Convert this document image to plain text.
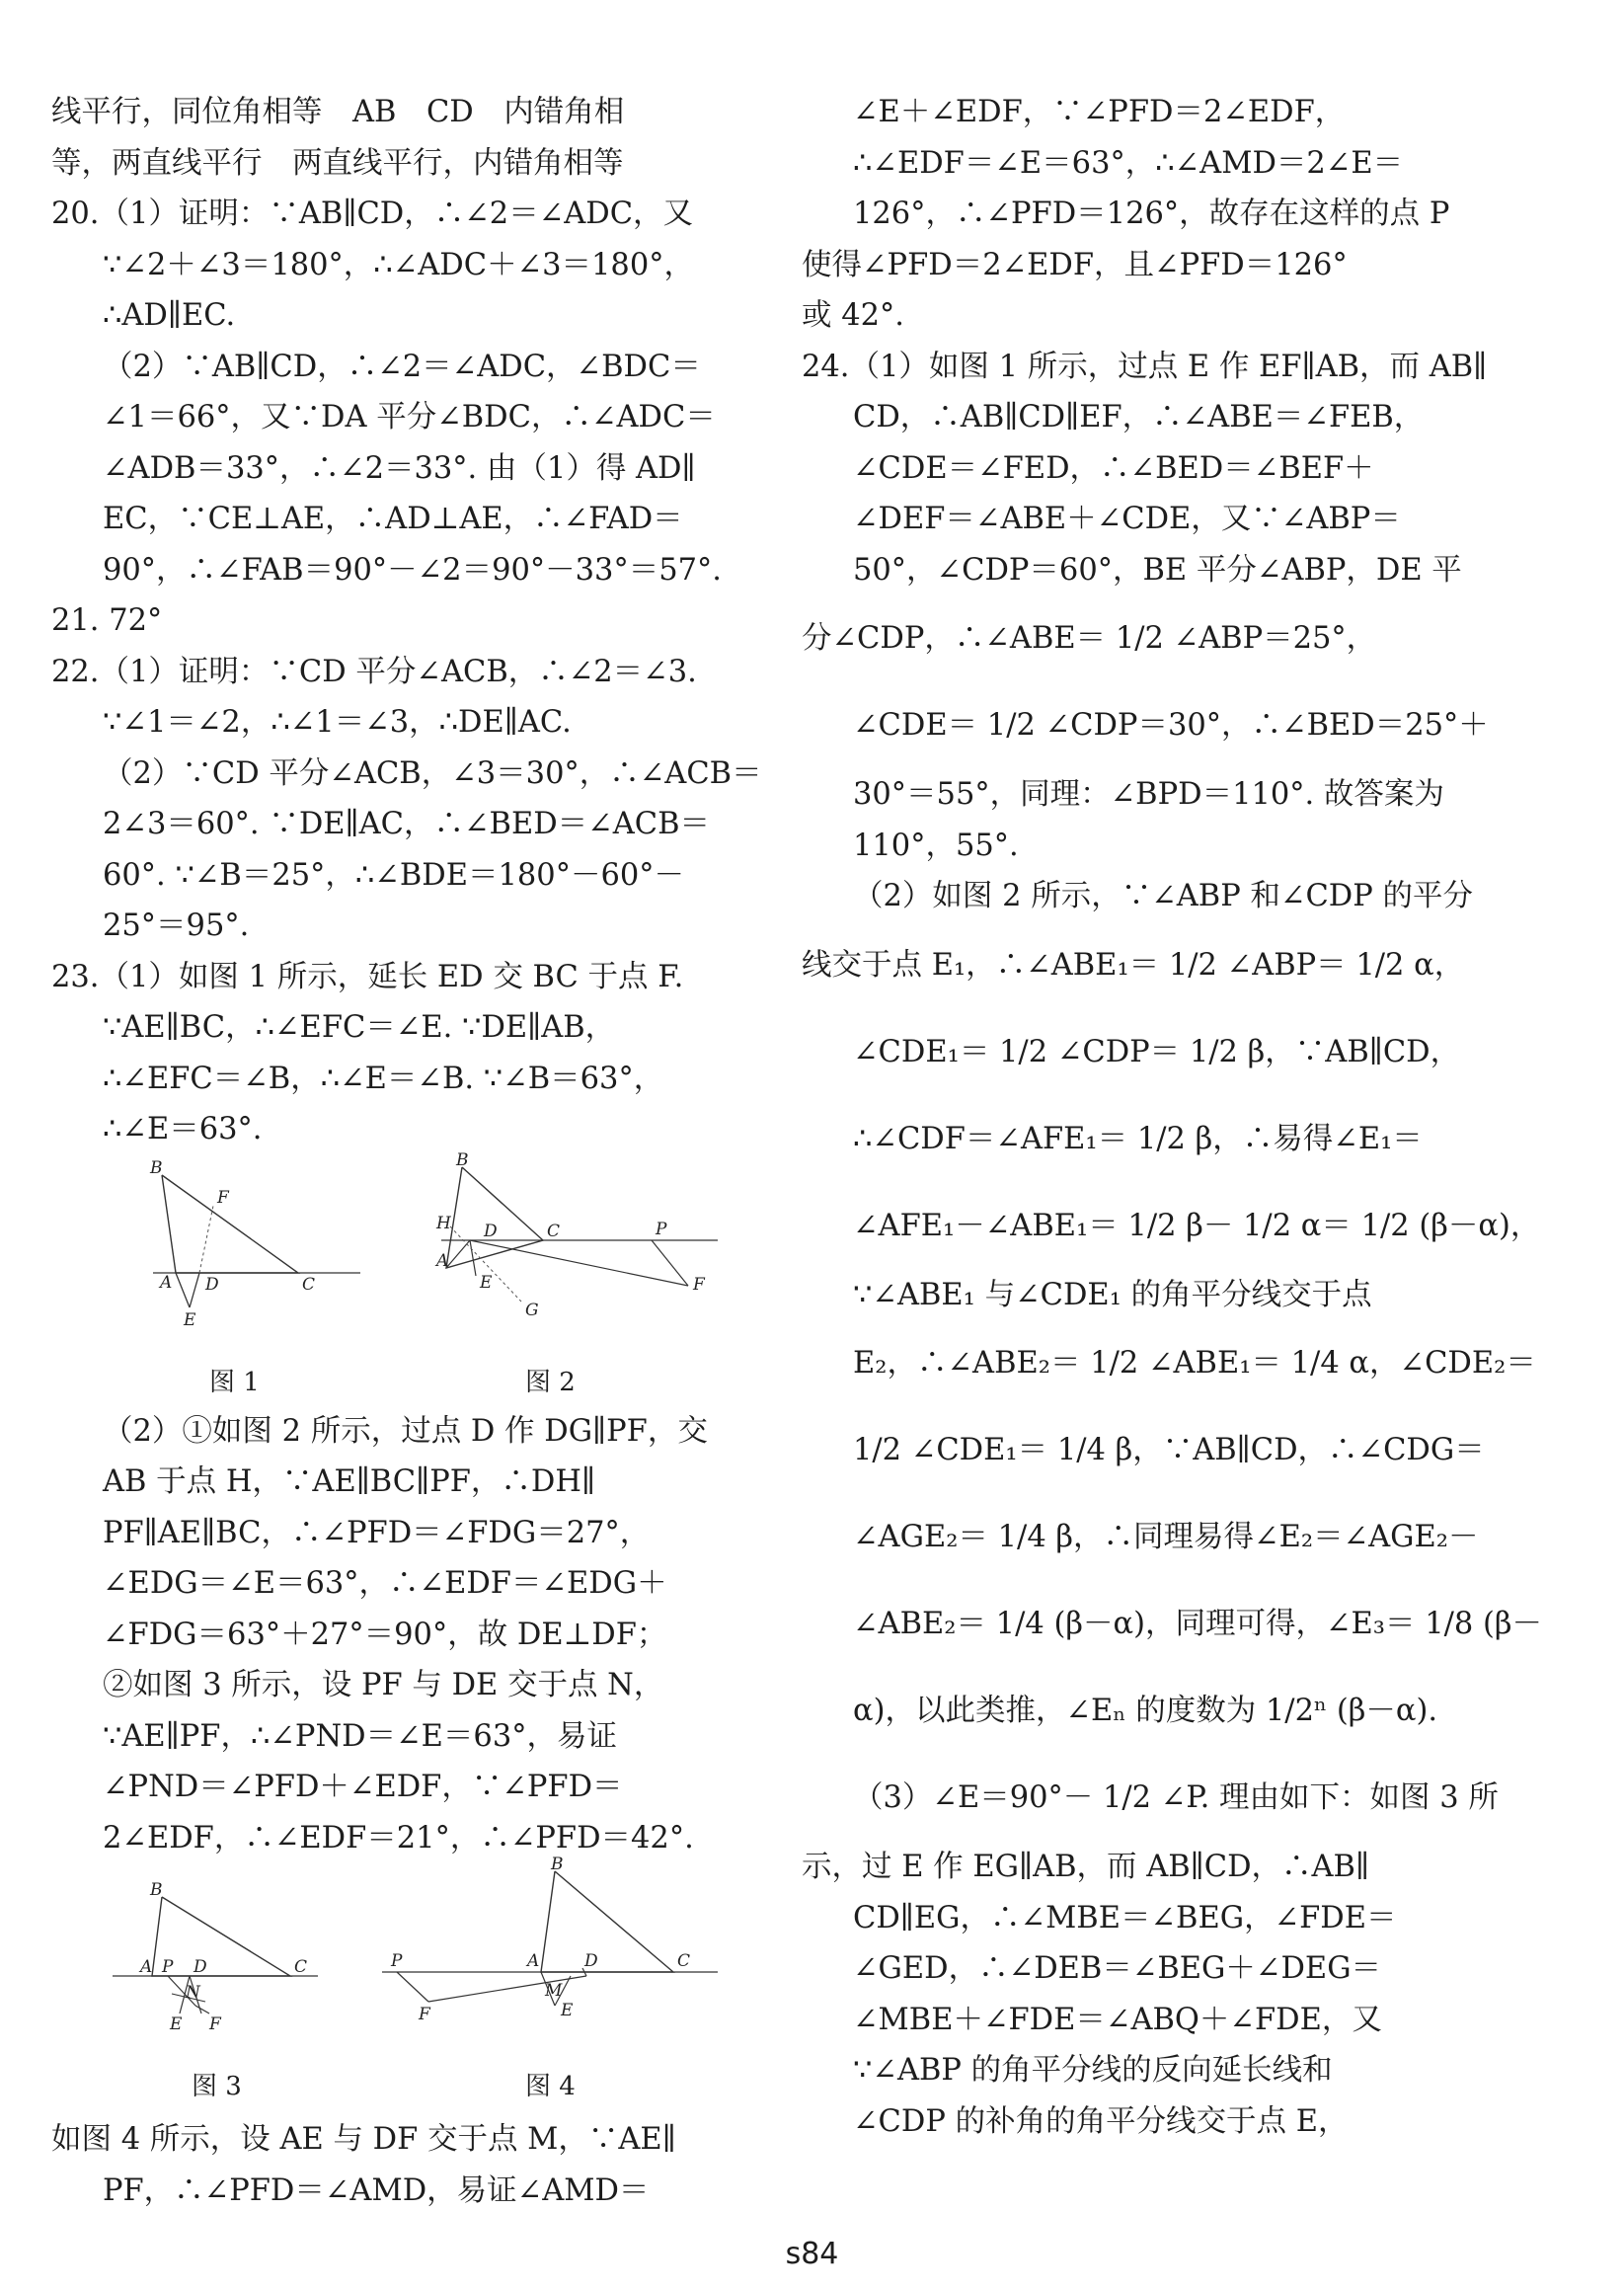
线平行，同位角相等　AB　CD　内错角相
等，两直线平行　两直线平行，内错角相等
20.（1）证明：∵AB∥CD，∴∠2＝∠ADC，又
∵∠2＋∠3＝180°，∴∠ADC＋∠3＝180°，
∴AD∥EC.
（2）∵AB∥CD，∴∠2＝∠ADC，∠BDC＝
∠1＝66°，又∵DA 平分∠BDC，∴∠ADC＝
∠ADB＝33°，∴∠2＝33°. 由（1）得 AD∥
EC，∵CE⊥AE，∴AD⊥AE，∴∠FAD＝
90°，∴∠FAB＝90°－∠2＝90°－33°＝57°.
21. 72°
22.（1）证明：∵CD 平分∠ACB，∴∠2＝∠3.
∵∠1＝∠2，∴∠1＝∠3，∴DE∥AC.
（2）∵CD 平分∠ACB，∠3＝30°，∴∠ACB＝
2∠3＝60°. ∵DE∥AC，∴∠BED＝∠ACB＝
60°. ∵∠B＝25°，∴∠BDE＝180°－60°－
25°＝95°.
23.（1）如图 1 所示，延长 ED 交 BC 于点 F.
∵AE∥BC，∴∠EFC＝∠E. ∵DE∥AB，
∴∠EFC＝∠B，∴∠E＝∠B. ∵∠B＝63°，
∴∠E＝63°.
B
F
A D	C
E
图 1
B
H D	C	P
A
E
G
F
图 2
（2）①如图 2 所示，过点 D 作 DG∥PF，交
AB 于点 H，∵AE∥BC∥PF，∴DH∥
PF∥AE∥BC，∴∠PFD＝∠FDG＝27°，
∠EDG＝∠E＝63°，∴∠EDF＝∠EDG＋
∠FDG＝63°＋27°＝90°，故 DE⊥DF；
②如图 3 所示，设 PF 与 DE 交于点 N，
∵AE∥PF，∴∠PND＝∠E＝63°，易证
∠PND＝∠PFD＋∠EDF，∵∠PFD＝
2∠EDF，∴∠EDF＝21°，∴∠PFD＝42°.
B
A P D	C
N
E F
图 3
B
P	A	D	C
M
E
F
图 4
如图 4 所示，设 AE 与 DF 交于点 M，∵AE∥
PF，∴∠PFD＝∠AMD，易证∠AMD＝
∠E＋∠EDF，∵∠PFD＝2∠EDF，
∴∠EDF＝∠E＝63°，∴∠AMD＝2∠E＝
126°，∴∠PFD＝126°，故存在这样的点 P
使得∠PFD＝2∠EDF，且∠PFD＝126°
或 42°.
24.（1）如图 1 所示，过点 E 作 EF∥AB，而 AB∥
CD，∴AB∥CD∥EF，∴∠ABE＝∠FEB，
∠CDE＝∠FED，∴∠BED＝∠BEF＋
∠DEF＝∠ABE＋∠CDE，又∵∠ABP＝
50°，∠CDP＝60°，BE 平分∠ABP，DE 平
分∠CDP，∴∠ABE＝ 1/2 ∠ABP＝25°，
∠CDE＝ 1/2 ∠CDP＝30°，∴∠BED＝25°＋
30°＝55°，同理：∠BPD＝110°. 故答案为
110°，55°.
（2）如图 2 所示，∵∠ABP 和∠CDP 的平分
线交于点 E₁，∴∠ABE₁＝ 1/2 ∠ABP＝ 1/2 α，
∠CDE₁＝ 1/2 ∠CDP＝ 1/2 β，∵AB∥CD，
∴∠CDF＝∠AFE₁＝ 1/2 β，∴易得∠E₁＝
∠AFE₁－∠ABE₁＝ 1/2 β－ 1/2 α＝ 1/2 (β－α)，
∵∠ABE₁ 与∠CDE₁ 的角平分线交于点
E₂，∴∠ABE₂＝ 1/2 ∠ABE₁＝ 1/4 α，∠CDE₂＝
1/2 ∠CDE₁＝ 1/4 β，∵AB∥CD，∴∠CDG＝
∠AGE₂＝ 1/4 β，∴同理易得∠E₂＝∠AGE₂－
∠ABE₂＝ 1/4 (β－α)，同理可得，∠E₃＝ 1/8 (β－
α)，以此类推，∠Eₙ 的度数为 1/2ⁿ (β－α).
（3）∠E＝90°－ 1/2 ∠P. 理由如下：如图 3 所
示，过 E 作 EG∥AB，而 AB∥CD，∴AB∥
CD∥EG，∴∠MBE＝∠BEG，∠FDE＝
∠GED，∴∠DEB＝∠BEG＋∠DEG＝
∠MBE＋∠FDE＝∠ABQ＋∠FDE，又
∵∠ABP 的角平分线的反向延长线和
∠CDP 的补角的角平分线交于点 E，
s84
